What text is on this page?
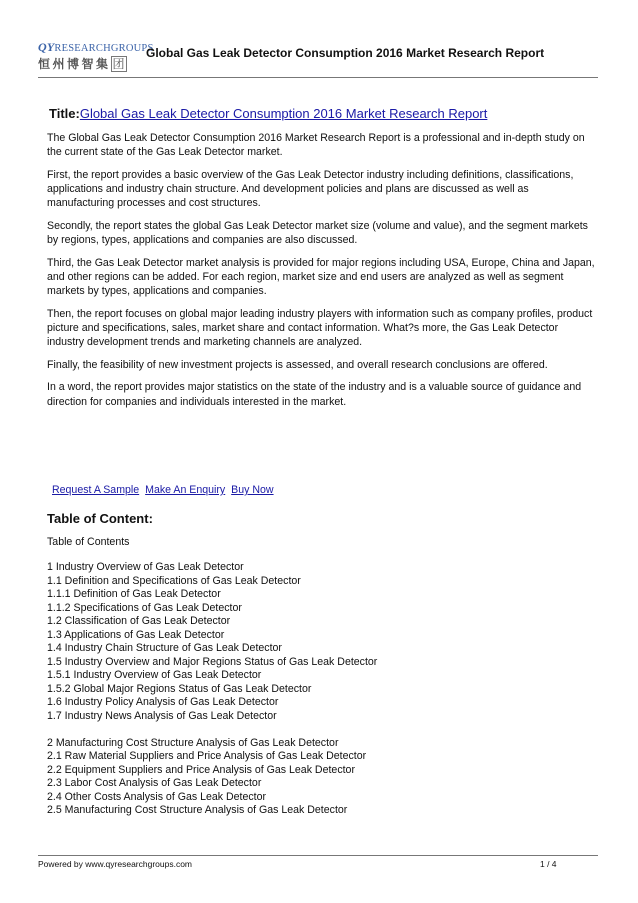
QYRESEARCHGROUPS
恒州博智集 团
Global Gas Leak Detector Consumption 2016 Market Research Report
Title:Global Gas Leak Detector Consumption 2016 Market Research Report

The Global Gas Leak Detector Consumption 2016 Market Research Report is a professional and in-depth study on the current state of the Gas Leak Detector market.

First, the report provides a basic overview of the Gas Leak Detector industry including definitions, classifications, applications and industry chain structure. And development policies and plans are discussed as well as manufacturing processes and cost structures.

Secondly, the report states the global Gas Leak Detector market size (volume and value), and the segment markets by regions, types, applications and companies are also discussed.

Third, the Gas Leak Detector market analysis is provided for major regions including USA, Europe, China and Japan, and other regions can be added. For each region, market size and end users are analyzed as well as segment markets by types, applications and companies.

Then, the report focuses on global major leading industry players with information such as company profiles, product picture and specifications, sales, market share and contact information. What?s more, the Gas Leak Detector industry development trends and marketing channels are analyzed.

Finally, the feasibility of new investment projects is assessed, and overall research conclusions are offered.

In a word, the report provides major statistics on the state of the industry and is a valuable source of guidance and direction for companies and individuals interested in the market.

Request A Sample Make An Enquiry Buy Now
Table of Content:
Table of Contents
1 Industry Overview of Gas Leak Detector
1.1 Definition and Specifications of Gas Leak Detector
1.1.1 Definition of Gas Leak Detector
1.1.2 Specifications of Gas Leak Detector
1.2 Classification of Gas Leak Detector
1.3 Applications of Gas Leak Detector
1.4 Industry Chain Structure of Gas Leak Detector
1.5 Industry Overview and Major Regions Status of Gas Leak Detector
1.5.1 Industry Overview of Gas Leak Detector
1.5.2 Global Major Regions Status of Gas Leak Detector
1.6 Industry Policy Analysis of Gas Leak Detector
1.7 Industry News Analysis of Gas Leak Detector
2 Manufacturing Cost Structure Analysis of Gas Leak Detector
2.1 Raw Material Suppliers and Price Analysis of Gas Leak Detector
2.2 Equipment Suppliers and Price Analysis of Gas Leak Detector
2.3 Labor Cost Analysis of Gas Leak Detector
2.4 Other Costs Analysis of Gas Leak Detector
2.5 Manufacturing Cost Structure Analysis of Gas Leak Detector
Powered by www.qyresearchgroups.com	1 / 4
